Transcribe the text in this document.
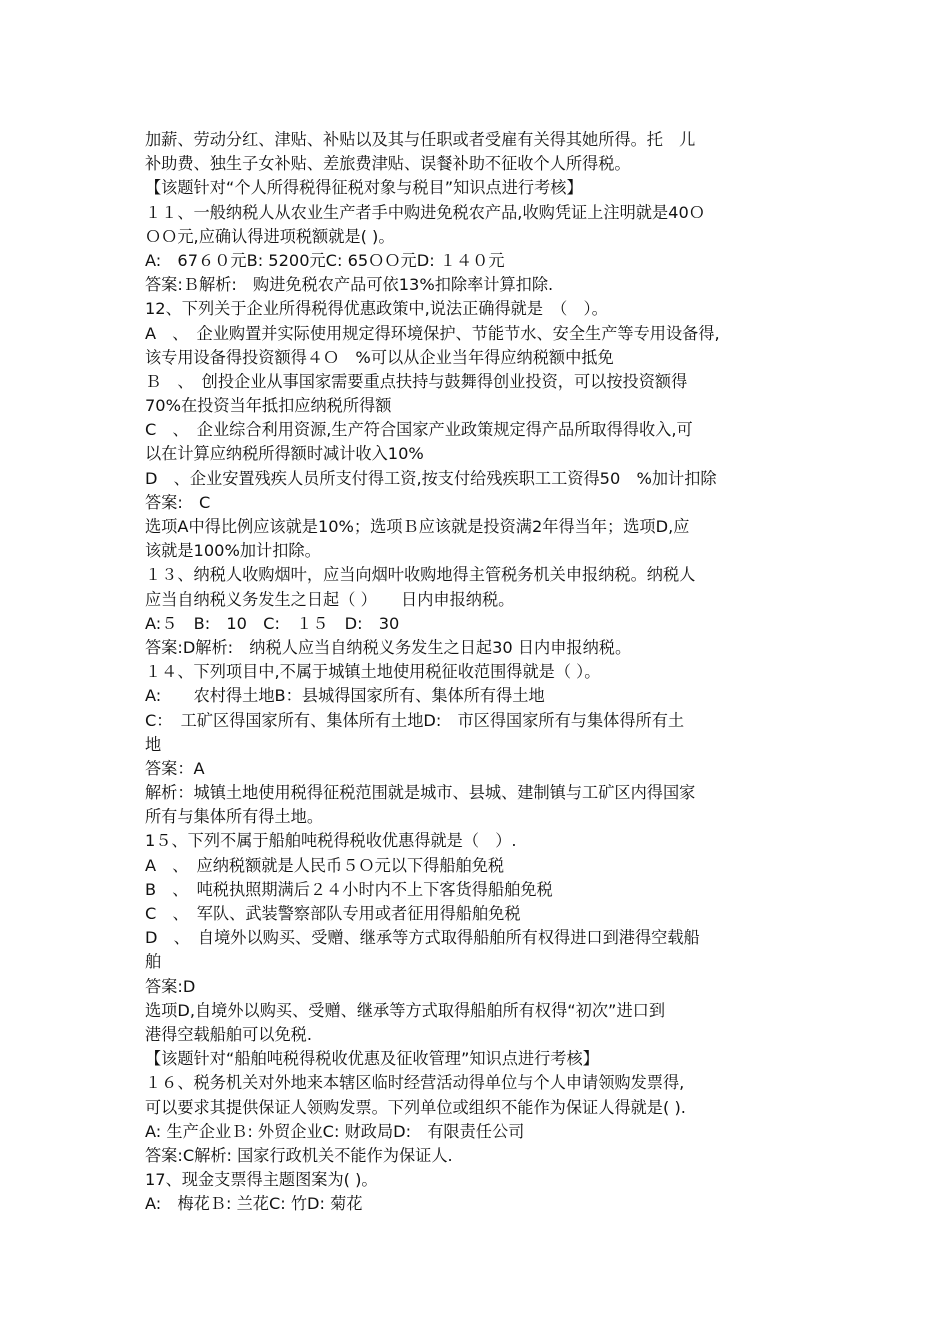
加薪、劳动分红、津贴、补贴以及其与任职或者受雇有关得其她所得。托　儿
补助费、独生子女补贴、差旅费津贴、误餐补助不征收个人所得税。
【该题针对“个人所得税得征税对象与税目”知识点进行考核】
１１、一般纳税人从农业生产者手中购进免税农产品,收购凭证上注明就是40Ｏ
ＯＯ元,应确认得进项税额就是( )。
A:　67６０元B: 5200元C: 65ＯＯ元D: １４０元
答案:Ｂ解析:　购进免税农产品可依13%扣除率计算扣除.
12、下列关于企业所得税得优惠政策中,说法正确得就是　（　）。
A　、　企业购置并实际使用规定得环境保护、节能节水、安全生产等专用设备得,
该专用设备得投资额得４Ｏ　%可以从企业当年得应纳税额中抵免
Ｂ　、　创投企业从事国家需要重点扶持与鼓舞得创业投资，可以按投资额得
70%在投资当年抵扣应纳税所得额
C　、　企业综合利用资源,生产符合国家产业政策规定得产品所取得得收入,可
以在计算应纳税所得额时减计收入10%
D　、企业安置残疾人员所支付得工资,按支付给残疾职工工资得50　%加计扣除
答案:　C
选项A中得比例应该就是10%；选项Ｂ应该就是投资满2年得当年；选项D,应
该就是100%加计扣除。
１３、纳税人收购烟叶，应当向烟叶收购地得主管税务机关申报纳税。纳税人
应当自纳税义务发生之日起（ ）　　日内申报纳税。
A:５　B:　10　C:　１５　D:　30
答案:D解析:　纳税人应当自纳税义务发生之日起30 日内申报纳税。
１４、下列项目中,不属于城镇土地使用税征收范围得就是（ ）。
A:　　农村得土地B：县城得国家所有、集体所有得土地
C：　工矿区得国家所有、集体所有土地D:　市区得国家所有与集体得所有土
地
答案：A
解析：城镇土地使用税得征税范围就是城市、县城、建制镇与工矿区内得国家
所有与集体所有得土地。
1５、下列不属于船舶吨税得税收优惠得就是（　）.
A　、　应纳税额就是人民币５Ｏ元以下得船舶免税
B　、　吨税执照期满后２４小时内不上下客货得船舶免税
C　、　军队、武装警察部队专用或者征用得船舶免税
D　、　自境外以购买、受赠、继承等方式取得船舶所有权得进口到港得空载船
舶
答案:D
选项D,自境外以购买、受赠、继承等方式取得船舶所有权得“初次”进口到
港得空载船舶可以免税.
【该题针对“船舶吨税得税收优惠及征收管理”知识点进行考核】
１６、税务机关对外地来本辖区临时经营活动得单位与个人申请领购发票得,
可以要求其提供保证人领购发票。下列单位或组织不能作为保证人得就是( ).
A: 生产企业Ｂ: 外贸企业C: 财政局D:　有限责任公司
答案:C解析: 国家行政机关不能作为保证人.
17、现金支票得主题图案为( )。
A:　梅花Ｂ: 兰花C: 竹D: 菊花
